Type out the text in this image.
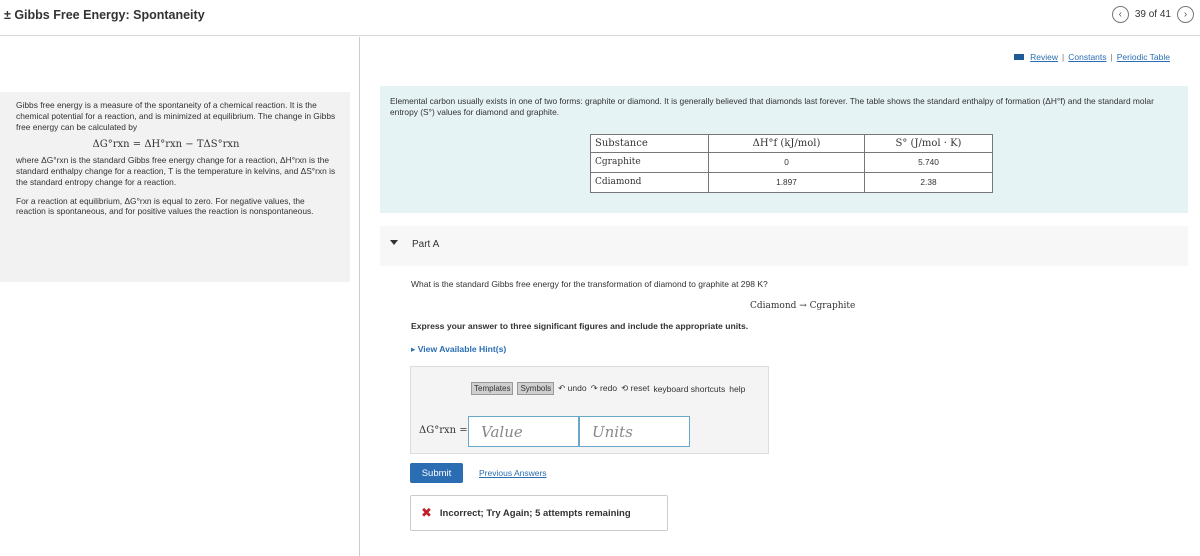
± Gibbs Free Energy: Spontaneity	‹ 39 of 41 ›

Gibbs free energy is a measure of the spontaneity of a chemical reaction. It is the chemical potential for a reaction, and is minimized at equilibrium. The change in Gibbs free energy can be calculated by

ΔG°rxn = ΔH°rxn − TΔS°rxn

where ΔG°rxn is the standard Gibbs free energy change for a reaction, ΔH°rxn is the standard enthalpy change for a reaction, T is the temperature in kelvins, and ΔS°rxn is the standard entropy change for a reaction.

For a reaction at equilibrium, ΔG°rxn is equal to zero. For negative values, the reaction is spontaneous, and for positive values the reaction is nonspontaneous.

Review | Constants | Periodic Table
Elemental carbon usually exists in one of two forms: graphite or diamond. It is generally believed that diamonds last forever. The table shows the standard enthalpy of formation (ΔH°f) and the standard molar entropy (S°) values for diamond and graphite.
Substance	ΔH°f (kJ/mol)	S° (J/mol · K)
Cgraphite	0	5.740
Cdiamond	1.897	2.38
Part A
What is the standard Gibbs free energy for the transformation of diamond to graphite at 298 K?
Cdiamond → Cgraphite
Express your answer to three significant figures and include the appropriate units.
▸ View Available Hint(s)
Templates	Symbols ↶ undo ↷ redo ⟲ reset keyboard shortcuts help
ΔG°rxn = Value	Units
Submit	Previous Answers
✖ Incorrect; Try Again; 5 attempts remaining
